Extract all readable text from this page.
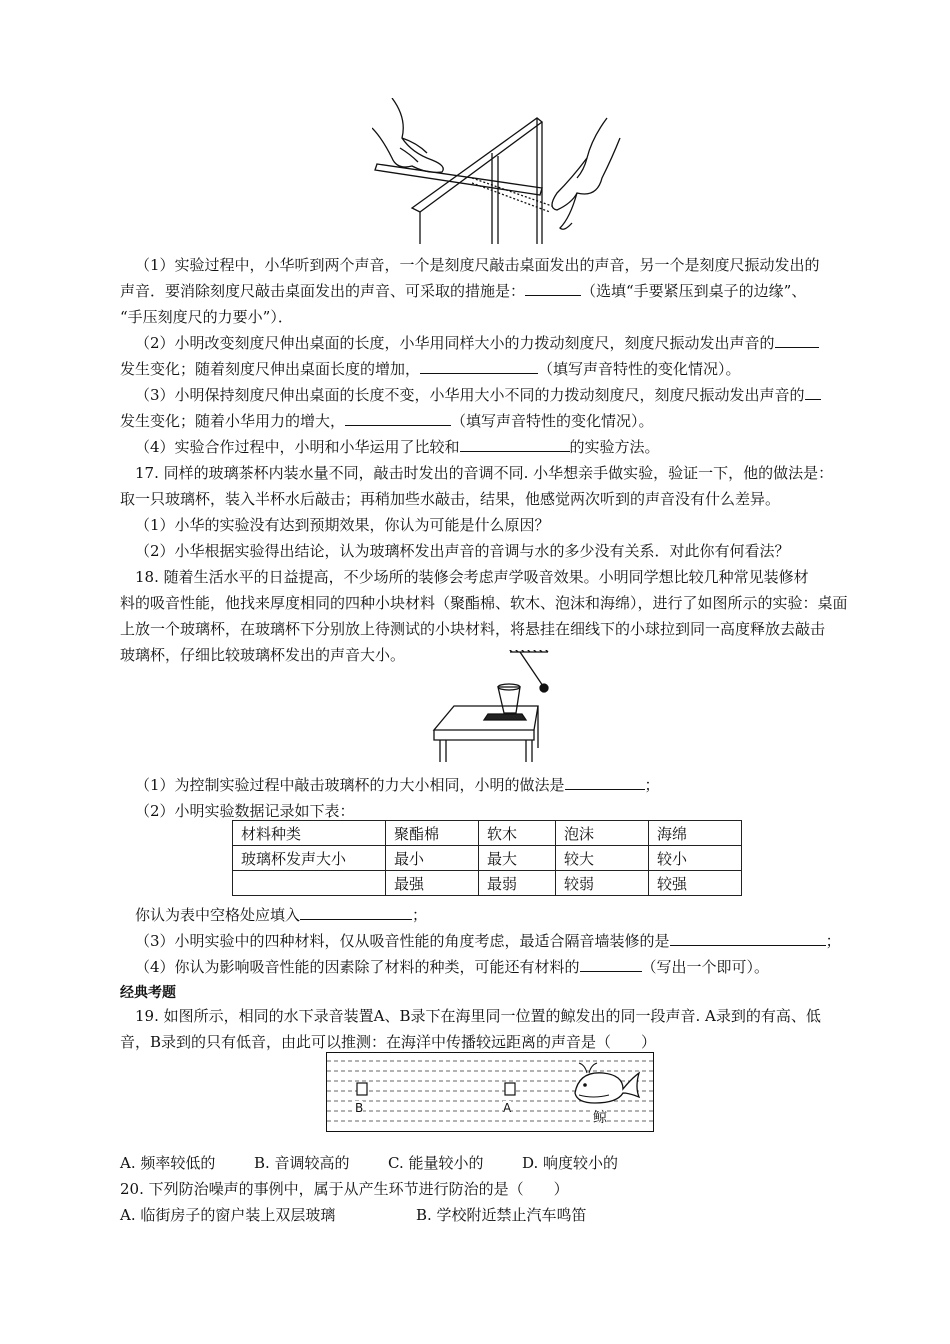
（1）实验过程中，小华听到两个声音，一个是刻度尺敲击桌面发出的声音，另一个是刻度尺振动发出的
声音．要消除刻度尺敲击桌面发出的声音、可采取的措施是：	（选填“手要紧压到桌子的边缘”、
“手压刻度尺的力要小”）．
（2）小明改变刻度尺伸出桌面的长度，小华用同样大小的力拨动刻度尺，刻度尺振动发出声音的
发生变化；随着刻度尺伸出桌面长度的增加，	（填写声音特性的变化情况）。
（3）小明保持刻度尺伸出桌面的长度不变，小华用大小不同的力拨动刻度尺，刻度尺振动发出声音的
发生变化；随着小华用力的增大，	（填写声音特性的变化情况）。
（4）实验合作过程中，小明和小华运用了比较和	的实验方法。
17. 同样的玻璃茶杯内装水量不同，敲击时发出的音调不同. 小华想亲手做实验，验证一下，他的做法是：
取一只玻璃杯，装入半杯水后敲击；再稍加些水敲击，结果，他感觉两次听到的声音没有什么差异。
（1）小华的实验没有达到预期效果，你认为可能是什么原因？
（2）小华根据实验得出结论，认为玻璃杯发出声音的音调与水的多少没有关系．对此你有何看法？
18. 随着生活水平的日益提高，不少场所的装修会考虑声学吸音效果。小明同学想比较几种常见装修材
料的吸音性能，他找来厚度相同的四种小块材料（聚酯棉、软木、泡沫和海绵），进行了如图所示的实验：桌面
上放一个玻璃杯，在玻璃杯下分别放上待测试的小块材料，将悬挂在细线下的小球拉到同一高度释放去敲击
玻璃杯，仔细比较玻璃杯发出的声音大小。
（1）为控制实验过程中敲击玻璃杯的力大小相同，小明的做法是	；
（2）小明实验数据记录如下表：
材料种类	聚酯棉	软木	泡沫	海绵
玻璃杯发声大小	最小	最大	较大	较小
	最强	最弱	较弱	较强
你认为表中空格处应填入	；
（3）小明实验中的四种材料，仅从吸音性能的角度考虑，最适合隔音墙装修的是	；
（4）你认为影响吸音性能的因素除了材料的种类，可能还有材料的	（写出一个即可）。
经典考题
19. 如图所示，相同的水下录音装置A、B录下在海里同一位置的鲸发出的同一段声音. A录到的有高、低
音，B录到的只有低音，由此可以推测：在海洋中传播较远距离的声音是（　　）
B	A
鲸
A. 频率较低的	B. 音调较高的	C. 能量较小的	D. 响度较小的
20. 下列防治噪声的事例中，属于从产生环节进行防治的是（　　）
A. 临街房子的窗户装上双层玻璃	B. 学校附近禁止汽车鸣笛
